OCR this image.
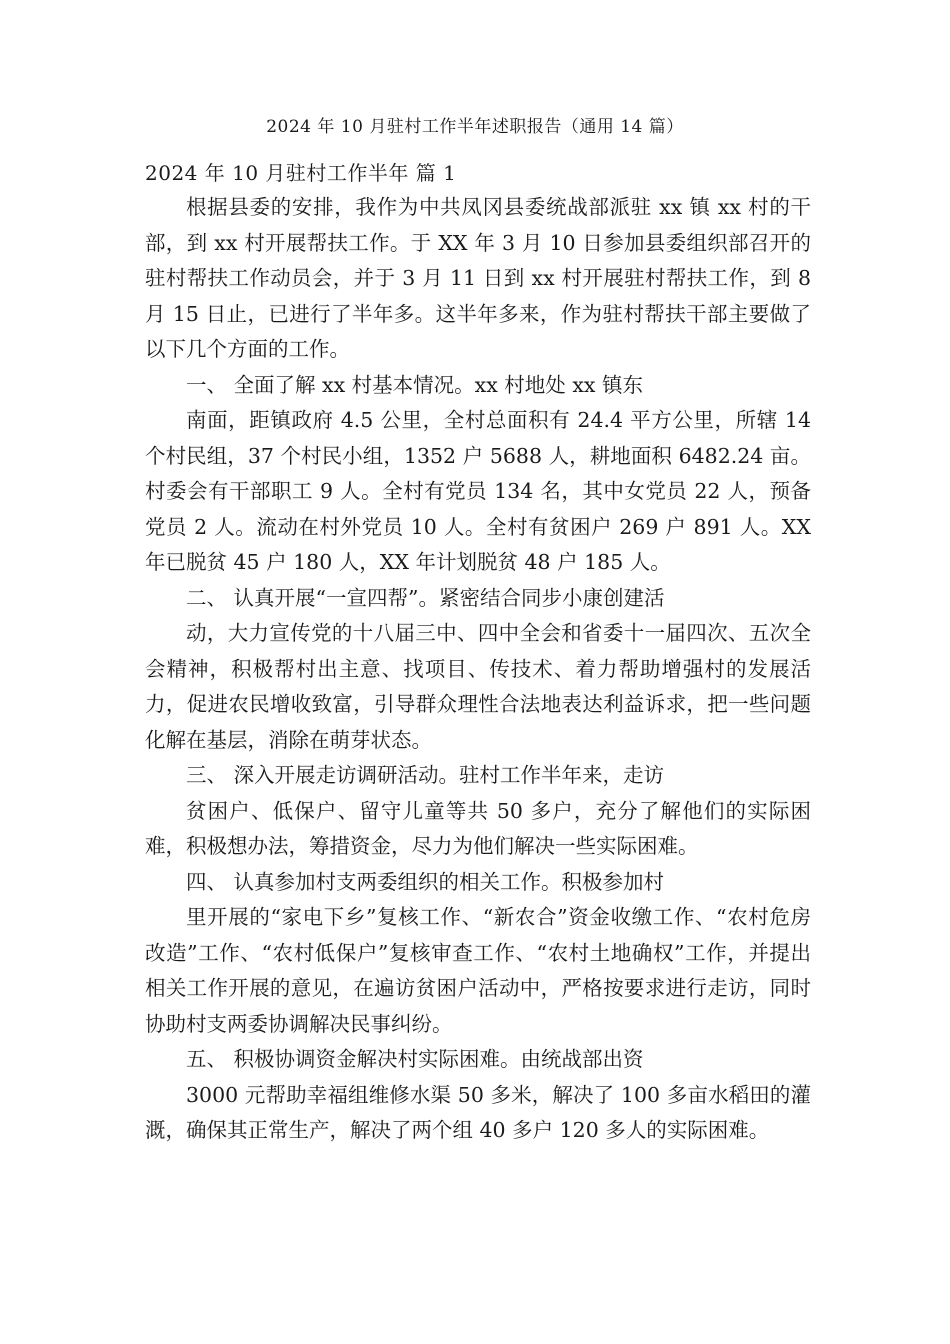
2024 年 10 月驻村工作半年述职报告（通用 14 篇）
2024 年 10 月驻村工作半年 篇 1

根据县委的安排，我作为中共凤冈县委统战部派驻 xx 镇 xx 村的干部，到 xx 村开展帮扶工作。于 XX 年 3 月 10 日参加县委组织部召开的驻村帮扶工作动员会，并于 3 月 11 日到 xx 村开展驻村帮扶工作，到 8 月 15 日止，已进行了半年多。这半年多来，作为驻村帮扶干部主要做了以下几个方面的工作。

一、 全面了解 xx 村基本情况。xx 村地处 xx 镇东

南面，距镇政府 4.5 公里，全村总面积有 24.4 平方公里，所辖 14 个村民组，37 个村民小组，1352 户 5688 人，耕地面积 6482.24 亩。村委会有干部职工 9 人。全村有党员 134 名，其中女党员 22 人，预备党员 2 人。流动在村外党员 10 人。全村有贫困户 269 户 891 人。XX 年已脱贫 45 户 180 人，XX 年计划脱贫 48 户 185 人。

二、 认真开展“一宣四帮”。紧密结合同步小康创建活

动，大力宣传党的十八届三中、四中全会和省委十一届四次、五次全会精神，积极帮村出主意、找项目、传技术、着力帮助增强村的发展活力，促进农民增收致富，引导群众理性合法地表达利益诉求，把一些问题化解在基层，消除在萌芽状态。

三、 深入开展走访调研活动。驻村工作半年来，走访

贫困户、低保户、留守儿童等共 50 多户，充分了解他们的实际困难，积极想办法，筹措资金，尽力为他们解决一些实际困难。

四、 认真参加村支两委组织的相关工作。积极参加村

里开展的“家电下乡”复核工作、“新农合”资金收缴工作、“农村危房改造”工作、“农村低保户”复核审查工作、“农村土地确权”工作，并提出相关工作开展的意见，在遍访贫困户活动中，严格按要求进行走访，同时协助村支两委协调解决民事纠纷。

五、 积极协调资金解决村实际困难。由统战部出资

3000 元帮助幸福组维修水渠 50 多米，解决了 100 多亩水稻田的灌溉，确保其正常生产，解决了两个组 40 多户 120 多人的实际困难。
